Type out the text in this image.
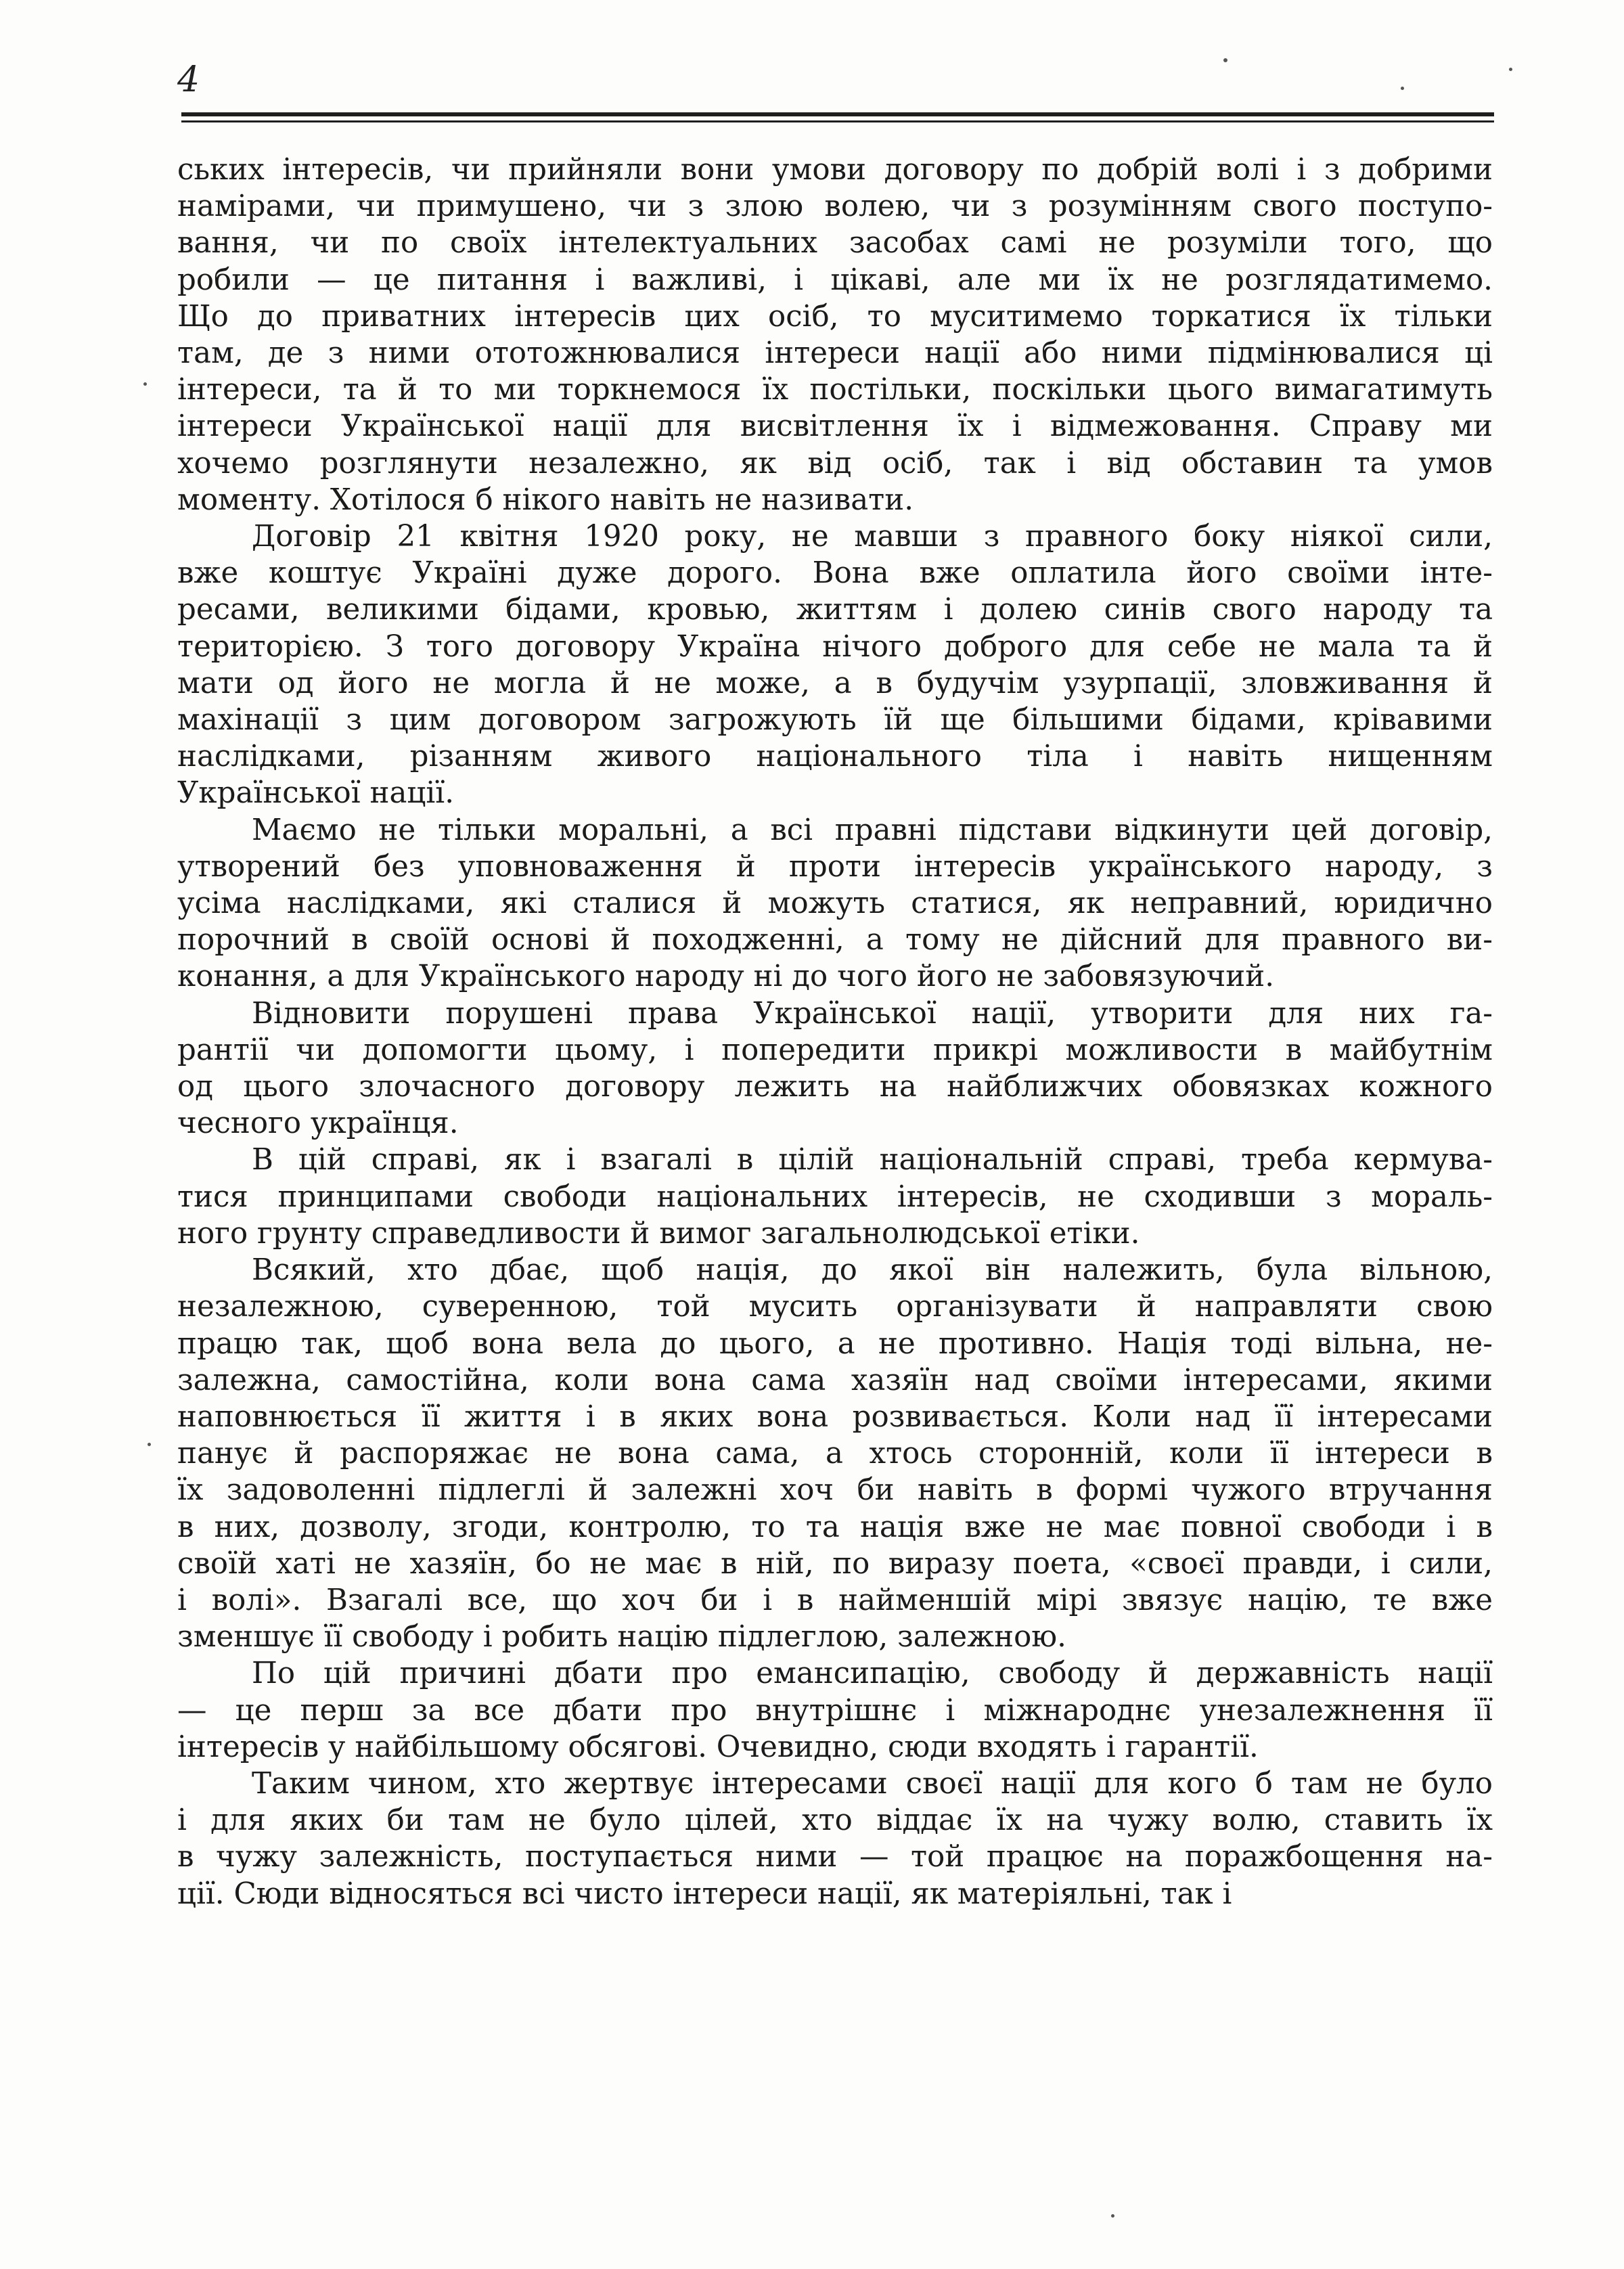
4

ських інтересів, чи прийняли вони умови договору по добрій волі і з добрими
намірами, чи примушено, чи з злою волею, чи з розумінням свого поступо-
вання, чи по своїх інтелектуальних засобах самі не розуміли того, що
робили — це питання і важливі, і цікаві, але ми їх не розглядатимемо.
Що до приватних інтересів цих осіб, то муситимемо торкатися їх тільки
там, де з ними ототожнювалися інтереси нації або ними підмінювалися ці
інтереси, та й то ми торкнемося їх постільки, поскільки цього вимагатимуть
інтереси Української нації для висвітлення їх і відмежовання. Справу ми
хочемо розглянути незалежно, як від осіб, так і від обставин та умов
моменту. Хотілося б нікого навіть не називати.

Договір 21 квітня 1920 року, не мавши з правного боку ніякої сили,
вже коштує Україні дуже дорого. Вона вже оплатила його своїми інте-
ресами, великими бідами, кровью, життям і долею синів свого народу та
територією. З того договору Україна нічого доброго для себе не мала та й
мати од його не могла й не може, а в будучім узурпації, зловживання й
махінації з цим договором загрожують їй ще більшими бідами, крівавими
наслідками, різанням живого національного тіла і навіть нищенням
Української нації.

Маємо не тільки моральні, а всі правні підстави відкинути цей договір,
утворений без уповноваження й проти інтересів українського народу, з
усіма наслідками, які сталися й можуть статися, як неправний, юридично
порочний в своїй основі й походженні, а тому не дійсний для правного ви-
конання, а для Українського народу ні до чого його не забовязуючий.

Відновити порушені права Української нації, утворити для них га-
рантії чи допомогти цьому, і попередити прикрі можливости в майбутнім
од цього злочасного договору лежить на найближчих обовязках кожного
чесного українця.

В цій справі, як і взагалі в цілій національній справі, треба кермува-
тися принципами свободи національних інтересів, не сходивши з мораль-
ного грунту справедливости й вимог загальнолюдської етіки.

Всякий, хто дбає, щоб нація, до якої він належить, була вільною,
незалежною, суверенною, той мусить організувати й направляти свою
працю так, щоб вона вела до цього, а не противно. Нація тоді вільна, не-
залежна, самостійна, коли вона сама хазяїн над своїми інтересами, якими
наповнюється її життя і в яких вона розвивається. Коли над її інтересами
панує й распоряжає не вона сама, а хтось сторонній, коли її інтереси в
їх задоволенні підлеглі й залежні хоч би навіть в формі чужого втручання
в них, дозволу, згоди, контролю, то та нація вже не має повної свободи і в
своїй хаті не хазяїн, бо не має в ній, по виразу поета, «своєї правди, і сили,
і волі». Взагалі все, що хоч би і в найменшій мірі звязує націю, те вже
зменшує її свободу і робить націю підлеглою, залежною.

По цій причині дбати про емансипацію, свободу й державність нації
— це перш за все дбати про внутрішнє і міжнароднє унезалежнення її
інтересів у найбільшому обсягові. Очевидно, сюди входять і гарантії.

Таким чином, хто жертвує інтересами своєї нації для кого б там не було
і для яких би там не було цілей, хто віддає їх на чужу волю, ставить їх
в чужу залежність, поступається ними — той працює на поражбощення на-
ції. Сюди відносяться всі чисто інтереси нації, як матеріяльні, так і
